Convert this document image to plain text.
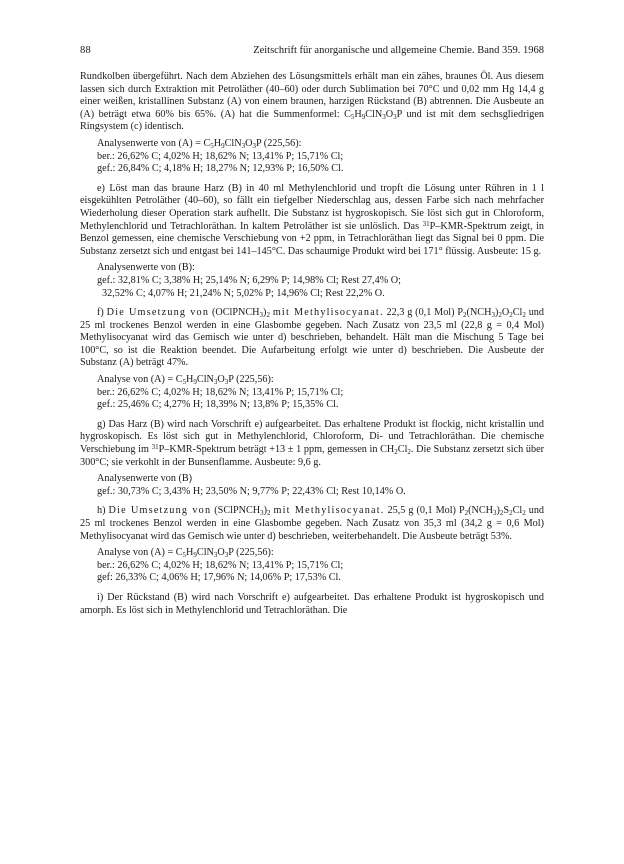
88	Zeitschrift für anorganische und allgemeine Chemie. Band 359. 1968

Rundkolben übergeführt. Nach dem Abziehen des Lösungsmittels erhält man ein zähes, braunes Öl. Aus diesem lassen sich durch Extraktion mit Petroläther (40–60) oder durch Sublimation bei 70°C und 0,02 mm Hg 14,4 g einer weißen, kristallinen Substanz (A) von einem braunen, harzigen Rückstand (B) abtrennen. Die Ausbeute an (A) beträgt etwa 60% bis 65%. (A) hat die Summenformel: $C_5H_9ClN_3O_3P$ und ist mit dem sechsgliedrigen Ringsystem (c) identisch.

Analysenwerte von $(A) = C_5H_9ClN_3O_3P$ (225,56):

ber.: 26,62% C; 4,02% H; 18,62% N; 13,41% P; 15,71% Cl;

gef.: 26,84% C; 4,18% H; 18,27% N; 12,93% P; 16,50% Cl.

e) Löst man das braune Harz (B) in 40 ml Methylenchlorid und tropft die Lösung unter Rühren in 1 l eisgekühlten Petroläther (40–60), so fällt ein tiefgelber Niederschlag aus, dessen Farbe sich nach mehrfacher Wiederholung dieser Operation stark aufhellt. Die Substanz ist hygroskopisch. Sie löst sich gut in Chloroform, Methylenchlorid und Tetrachloräthan. In kaltem Petroläther ist sie unlöslich. Das $^{31}$P–KMR-Spektrum zeigt, in Benzol gemessen, eine chemische Verschiebung von +2 ppm, in Tetrachloräthan liegt das Signal bei 0 ppm. Die Substanz zersetzt sich und entgast bei 141–145°C. Das schaumige Produkt wird bei 171° flüssig. Ausbeute: 15 g.

Analysenwerte von (B):

gef.: 32,81% C; 3,38% H; 25,14% N; 6,29% P; 14,98% Cl; Rest 27,4% O;

32,52% C; 4,07% H; 21,24% N; 5,02% P; 14,96% Cl; Rest 22,2% O.

f) Die Umsetzung von $(OClPNCH_3)_2$ mit Methylisocyanat. 22,3 g (0,1 Mol) $P_2(NCH_3)_2O_2Cl_2$ und 25 ml trockenes Benzol werden in eine Glasbombe gegeben. Nach Zusatz von 23,5 ml (22,8 g = 0,4 Mol) Methylisocyanat wird das Gemisch wie unter d) beschrieben, behandelt. Hält man die Mischung 5 Tage bei 100°C, so ist die Reaktion beendet. Die Aufarbeitung erfolgt wie unter d) beschrieben. Die Ausbeute der Substanz (A) beträgt 47%.

Analyse von $(A) = C_5H_9ClN_3O_3P$ (225,56):

ber.: 26,62% C; 4,02% H; 18,62% N; 13,41% P; 15,71% Cl;

gef.: 25,46% C; 4,27% H; 18,39% N; 13,8% P; 15,35% Cl.

g) Das Harz (B) wird nach Vorschrift e) aufgearbeitet. Das erhaltene Produkt ist flockig, nicht kristallin und hygroskopisch. Es löst sich gut in Methylenchlorid, Chloroform, Di- und Tetrachloräthan. Die chemische Verschiebung im $^{31}$P–KMR-Spektrum beträgt +13 ± 1 ppm, gemessen in $CH_2Cl_2$. Die Substanz zersetzt sich über 300°C; sie verkohlt in der Bunsenflamme. Ausbeute: 9,6 g.

Analysenwerte von (B)

gef.: 30,73% C; 3,43% H; 23,50% N; 9,77% P; 22,43% Cl; Rest 10,14% O.

h) Die Umsetzung von $(SClPNCH_3)_2$ mit Methylisocyanat. 25,5 g (0,1 Mol) $P_2(NCH_3)_2S_2Cl_2$ und 25 ml trockenes Benzol werden in eine Glasbombe gegeben. Nach Zusatz von 35,3 ml (34,2 g = 0,6 Mol) Methylisocyanat wird das Gemisch wie unter d) beschrieben, weiterbehandelt. Die Ausbeute beträgt 53%.

Analyse von $(A) = C_5H_9ClN_3O_3P$ (225,56):

ber.: 26,62% C; 4,02% H; 18,62% N; 13,41% P; 15,71% Cl;

gef: 26,33% C; 4,06% H; 17,96% N; 14,06% P; 17,53% Cl.

i) Der Rückstand (B) wird nach Vorschrift e) aufgearbeitet. Das erhaltene Produkt ist hygroskopisch und amorph. Es löst sich in Methylenchlorid und Tetrachloräthan. Die
